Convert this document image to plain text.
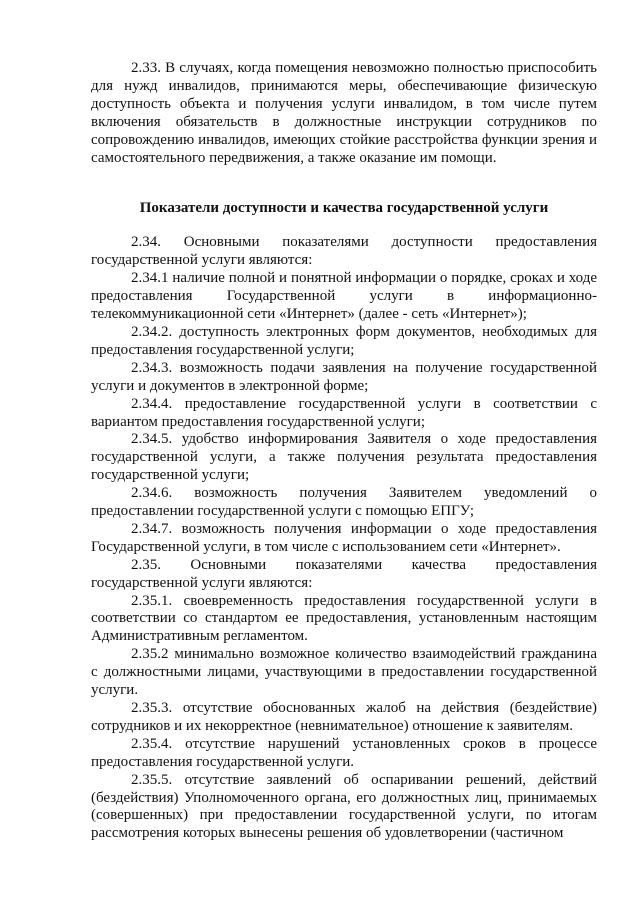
2.33. В случаях, когда помещения невозможно полностью приспособить для нужд инвалидов, принимаются меры, обеспечивающие физическую доступность объекта и получения услуги инвалидом, в том числе путем включения обязательств в должностные инструкции сотрудников по сопровождению инвалидов, имеющих стойкие расстройства функции зрения и самостоятельного передвижения, а также оказание им помощи.

Показатели доступности и качества государственной услуги

2.34. Основными показателями доступности предоставления государственной услуги являются:

2.34.1 наличие полной и понятной информации о порядке, сроках и ходе предоставления Государственной услуги в информационно-телекоммуникационной сети «Интернет» (далее - сеть «Интернет»);

2.34.2. доступность электронных форм документов, необходимых для предоставления государственной услуги;

2.34.3. возможность подачи заявления на получение государственной услуги и документов в электронной форме;

2.34.4. предоставление государственной услуги в соответствии с вариантом предоставления государственной услуги;

2.34.5. удобство информирования Заявителя о ходе предоставления государственной услуги, а также получения результата предоставления государственной услуги;

2.34.6. возможность получения Заявителем уведомлений о предоставлении государственной услуги с помощью ЕПГУ;

2.34.7. возможность получения информации о ходе предоставления Государственной услуги, в том числе с использованием сети «Интернет».

2.35. Основными показателями качества предоставления государственной услуги являются:

2.35.1. своевременность предоставления государственной услуги в соответствии со стандартом ее предоставления, установленным настоящим Административным регламентом.

2.35.2 минимально возможное количество взаимодействий гражданина с должностными лицами, участвующими в предоставлении государственной услуги.

2.35.3. отсутствие обоснованных жалоб на действия (бездействие) сотрудников и их некорректное (невнимательное) отношение к заявителям.

2.35.4. отсутствие нарушений установленных сроков в процессе предоставления государственной услуги.

2.35.5. отсутствие заявлений об оспаривании решений, действий (бездействия) Уполномоченного органа, его должностных лиц, принимаемых (совершенных) при предоставлении государственной услуги, по итогам рассмотрения которых вынесены решения об удовлетворении (частичном
